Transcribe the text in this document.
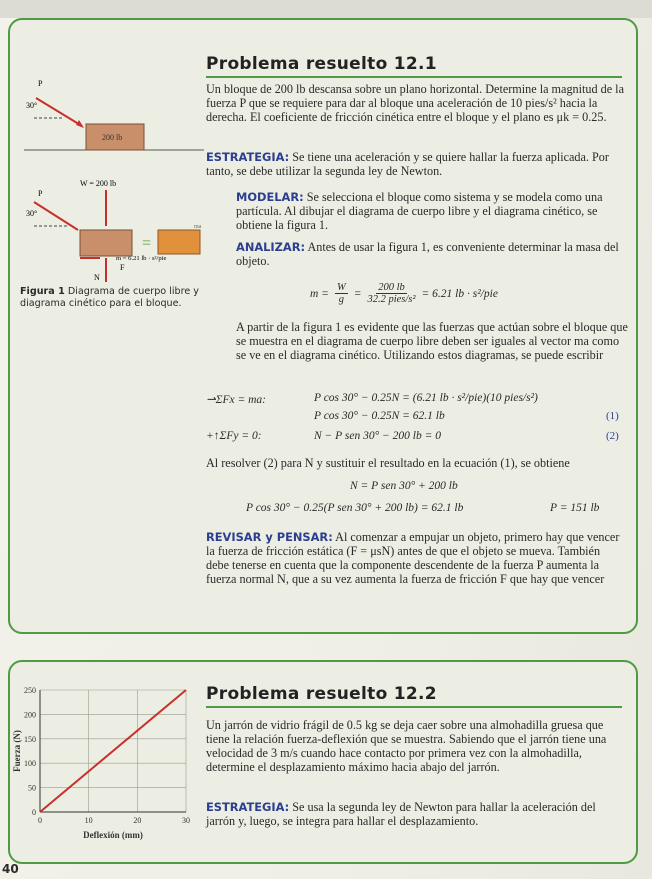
Problema resuelto 12.1
200 lb
P
30°
W = 200 lb
P
30°
N
F
=
ma
m = 6.21 lb · s²/pie
Figura 1 Diagrama de cuerpo libre y diagrama cinético para el bloque.
Un bloque de 200 lb descansa sobre un plano horizontal. Determine la magnitud de la fuerza P que se requiere para dar al bloque una aceleración de 10 pies/s² hacia la derecha. El coeficiente de fricción cinética entre el bloque y el plano es μk = 0.25.
ESTRATEGIA: Se tiene una aceleración y se quiere hallar la fuerza aplicada. Por tanto, se debe utilizar la segunda ley de Newton.
MODELAR: Se selecciona el bloque como sistema y se modela como una partícula. Al dibujar el diagrama de cuerpo libre y el diagrama cinético, se obtiene la figura 1.
ANALIZAR: Antes de usar la figura 1, es conveniente determinar la masa del objeto.
$m = \frac{W}{g} = 200$ lb
32.2 pies/s² = 6.21 lb · s²/pie
A partir de la figura 1 es evidente que las fuerzas que actúan sobre el bloque que se muestra en el diagrama de cuerpo libre deben ser iguales al vector ma como se ve en el diagrama cinético. Utilizando estos diagramas, se puede escribir
⇀ΣFx = ma:	P cos 30° − 0.25N = (6.21 lb · s²/pie)(10 pies/s²)
P cos 30° − 0.25N = 62.1 lb	(1)
+↑ΣFy = 0:	N − P sen 30° − 200 lb = 0	(2)
Al resolver (2) para N y sustituir el resultado en la ecuación (1), se obtiene
N = P sen 30° + 200 lb
P cos 30° − 0.25(P sen 30° + 200 lb) = 62.1 lb	P = 151 lb
REVISAR y PENSAR: Al comenzar a empujar un objeto, primero hay que vencer la fuerza de fricción estática (F = μsN) antes de que el objeto se mueva. También debe tenerse en cuenta que la componente descendente de la fuerza P aumenta la fuerza normal N, que a su vez aumenta la fuerza de fricción F que hay que vencer
Problema resuelto 12.2
0
50
100
150
200
250
0	10	20	30
Deflexión (mm)
Fuerza (N)
Un jarrón de vidrio frágil de 0.5 kg se deja caer sobre una almohadilla gruesa que tiene la relación fuerza-deflexión que se muestra. Sabiendo que el jarrón tiene una velocidad de 3 m/s cuando hace contacto por primera vez con la almohadilla, determine el desplazamiento máximo hacia abajo del jarrón.
ESTRATEGIA: Se usa la segunda ley de Newton para hallar la aceleración del jarrón y, luego, se integra para hallar el desplazamiento.
40
